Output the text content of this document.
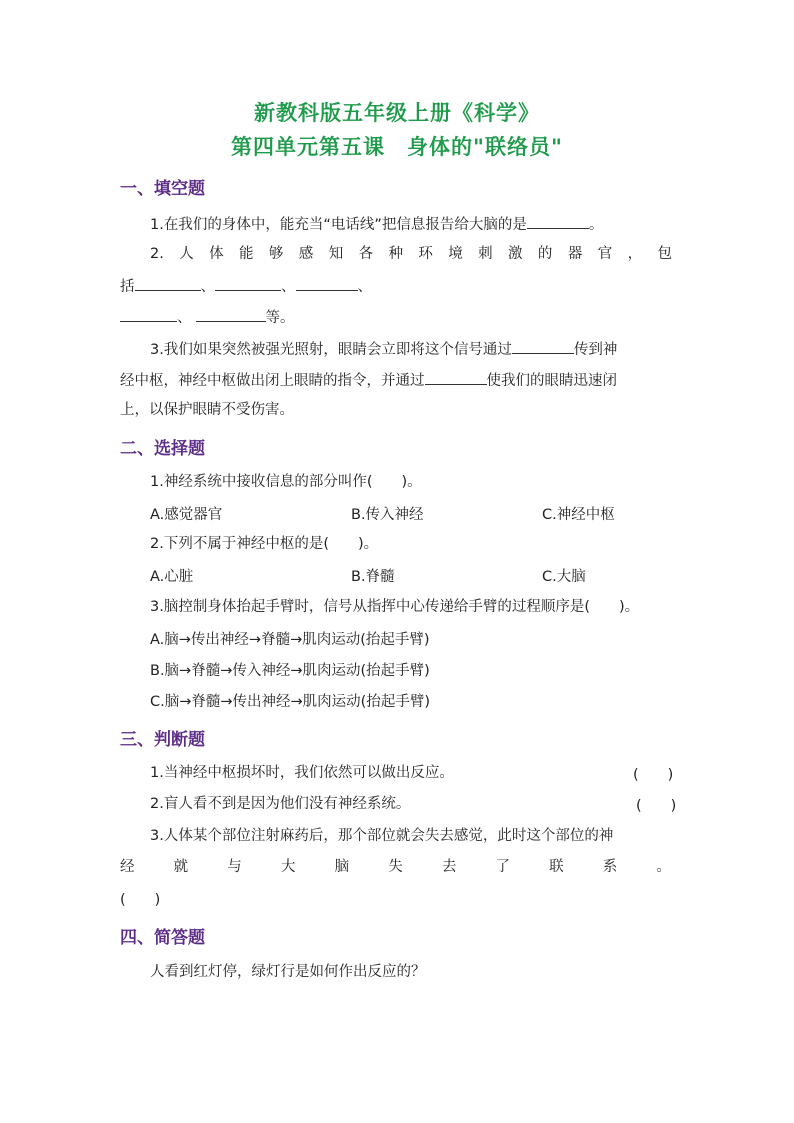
新教科版五年级上册《科学》
第四单元第五课　身体的"联络员"
一、填空题
1.在我们的身体中，能充当“电话线”把信息报告给大脑的是	。
2. 人 体 能 够 感 知 各 种 环 境 刺 激 的 器 官 ， 包
括	、	、	、
、	等。
3.我们如果突然被强光照射，眼睛会立即将这个信号通过	传到神
经中枢，神经中枢做出闭上眼睛的指令，并通过	使我们的眼睛迅速闭
上，以保护眼睛不受伤害。
二、选择题
1.神经系统中接收信息的部分叫作(　　)。
A.感觉器官	B.传入神经	C.神经中枢
2.下列不属于神经中枢的是(　　)。
A.心脏	B.脊髓	C.大脑
3.脑控制身体抬起手臂时，信号从指挥中心传递给手臂的过程顺序是(　　)。
A.脑→传出神经→脊髓→肌肉运动(抬起手臂)
B.脑→脊髓→传入神经→肌肉运动(抬起手臂)
C.脑→脊髓→传出神经→肌肉运动(抬起手臂)
三、判断题
1.当神经中枢损坏时，我们依然可以做出反应。	(　　)
2.盲人看不到是因为他们没有神经系统。	(　　)
3.人体某个部位注射麻药后，那个部位就会失去感觉，此时这个部位的神
经	就	与	大	脑	失	去	了	联	系	。
(　　)
四、简答题
人看到红灯停，绿灯行是如何作出反应的？
